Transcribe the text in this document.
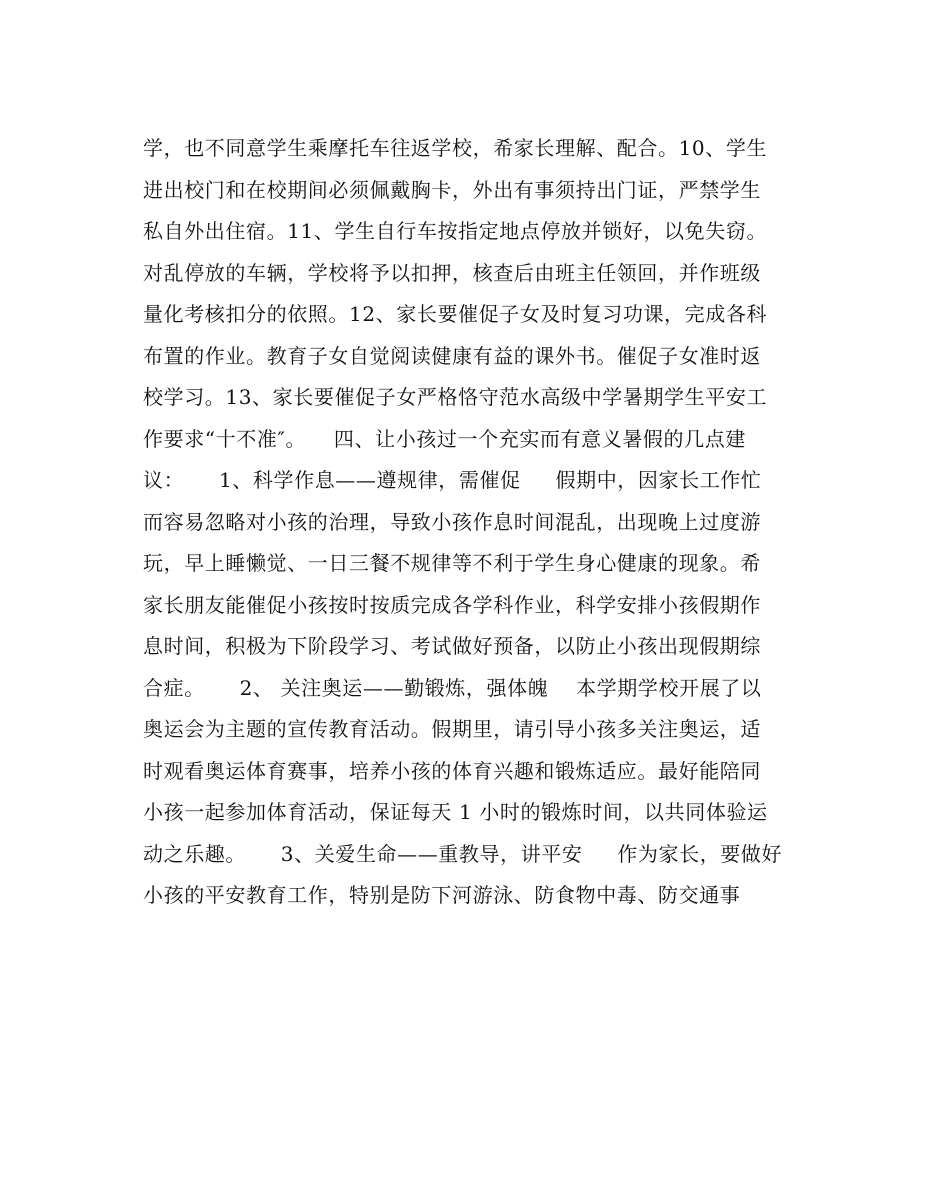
学，也不同意学生乘摩托车往返学校，希家长理解、配合。10、学生
进出校门和在校期间必须佩戴胸卡，外出有事须持出门证，严禁学生
私自外出住宿。11、学生自行车按指定地点停放并锁好，以免失窃。
对乱停放的车辆，学校将予以扣押，核查后由班主任领回，并作班级
量化考核扣分的依照。12、家长要催促子女及时复习功课，完成各科
布置的作业。教育子女自觉阅读健康有益的课外书。催促子女准时返
校学习。13、家长要催促子女严格恪守范水高级中学暑期学生平安工
作要求“十不准″。    四、让小孩过一个充实而有意义暑假的几点建
议：     1、科学作息——遵规律，需催促     假期中，因家长工作忙
而容易忽略对小孩的治理，导致小孩作息时间混乱，出现晚上过度游
玩，早上睡懒觉、一日三餐不规律等不利于学生身心健康的现象。希
家长朋友能催促小孩按时按质完成各学科作业，科学安排小孩假期作
息时间，积极为下阶段学习、考试做好预备，以防止小孩出现假期综
合症。     2、 关注奥运——勤锻炼，强体魄    本学期学校开展了以
奥运会为主题的宣传教育活动。假期里，请引导小孩多关注奥运，适
时观看奥运体育赛事，培养小孩的体育兴趣和锻炼适应。最好能陪同
小孩一起参加体育活动，保证每天 1 小时的锻炼时间，以共同体验运
动之乐趣。     3、关爱生命——重教导，讲平安     作为家长，要做好
小孩的平安教育工作，特别是防下河游泳、防食物中毒、防交通事
